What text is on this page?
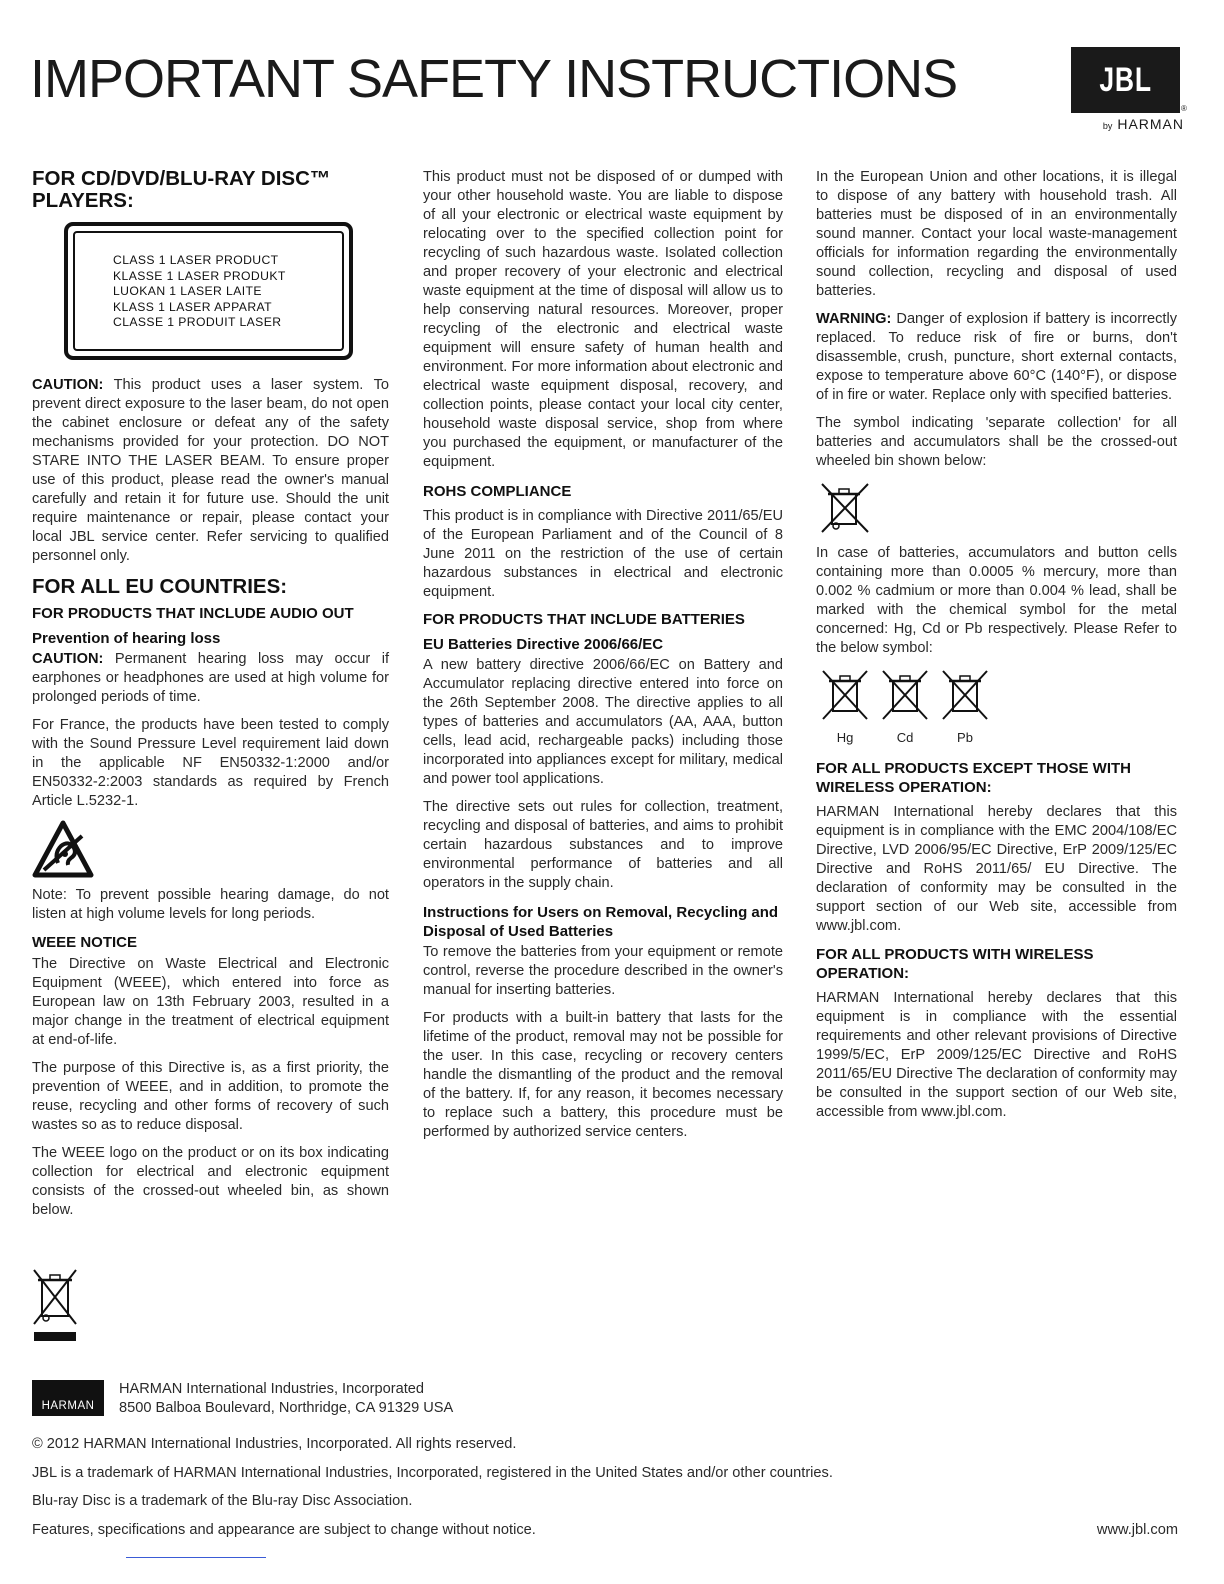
IMPORTANT SAFETY INSTRUCTIONS	JBL
®
by HARMAN
FOR CD/DVD/BLU-RAY DISC™ PLAYERS:
CLASS 1 LASER PRODUCT
KLASSE 1 LASER PRODUKT
LUOKAN 1 LASER LAITE
KLASS 1 LASER APPARAT
CLASSE 1 PRODUIT LASER

CAUTION: This product uses a laser system. To prevent direct exposure to the laser beam, do not open the cabinet enclosure or defeat any of the safety mechanisms provided for your protection. DO NOT STARE INTO THE LASER BEAM. To ensure proper use of this product, please read the owner's manual carefully and retain it for future use. Should the unit require maintenance or repair, please contact your local JBL service center. Refer servicing to qualified personnel only.

FOR ALL EU COUNTRIES:
FOR PRODUCTS THAT INCLUDE AUDIO OUT
Prevention of hearing loss

CAUTION: Permanent hearing loss may occur if earphones or headphones are used at high volume for prolonged periods of time.

For France, the products have been tested to comply with the Sound Pressure Level requirement laid down in the applicable NF EN50332-1:2000 and/or EN50332-2:2003 standards as required by French Article L.5232-1.

Note: To prevent possible hearing damage, do not listen at high volume levels for long periods.

WEEE NOTICE

The Directive on Waste Electrical and Electronic Equipment (WEEE), which entered into force as European law on 13th February 2003, resulted in a major change in the treatment of electrical equipment at end-of-life.

The purpose of this Directive is, as a first priority, the prevention of WEEE, and in addition, to promote the reuse, recycling and other forms of recovery of such wastes so as to reduce disposal.

The WEEE logo on the product or on its box indicating collection for electrical and electronic equipment consists of the crossed-out wheeled bin, as shown below.

This product must not be disposed of or dumped with your other household waste. You are liable to dispose of all your electronic or electrical waste equipment by relocating over to the specified collection point for recycling of such hazardous waste. Isolated collection and proper recovery of your electronic and electrical waste equipment at the time of disposal will allow us to help conserving natural resources. Moreover, proper recycling of the electronic and electrical waste equipment will ensure safety of human health and environment. For more information about electronic and electrical waste equipment disposal, recovery, and collection points, please contact your local city center, household waste disposal service, shop from where you purchased the equipment, or manufacturer of the equipment.

ROHS COMPLIANCE

This product is in compliance with Directive 2011/65/EU of the European Parliament and of the Council of 8 June 2011 on the restriction of the use of certain hazardous substances in electrical and electronic equipment.

FOR PRODUCTS THAT INCLUDE BATTERIES
EU Batteries Directive 2006/66/EC

A new battery directive 2006/66/EC on Battery and Accumulator replacing directive entered into force on the 26th September 2008. The directive applies to all types of batteries and accumulators (AA, AAA, button cells, lead acid, rechargeable packs) including those incorporated into appliances except for military, medical and power tool applications.

The directive sets out rules for collection, treatment, recycling and disposal of batteries, and aims to prohibit certain hazardous substances and to improve environmental performance of batteries and all operators in the supply chain.

Instructions for Users on Removal, Recycling and Disposal of Used Batteries

To remove the batteries from your equipment or remote control, reverse the procedure described in the owner's manual for inserting batteries.

For products with a built-in battery that lasts for the lifetime of the product, removal may not be possible for the user. In this case, recycling or recovery centers handle the dismantling of the product and the removal of the battery. If, for any reason, it becomes necessary to replace such a battery, this procedure must be performed by authorized service centers.

In the European Union and other locations, it is illegal to dispose of any battery with household trash. All batteries must be disposed of in an environmentally sound manner. Contact your local waste-management officials for information regarding the environmentally sound collection, recycling and disposal of used batteries.

WARNING: Danger of explosion if battery is incorrectly replaced. To reduce risk of fire or burns, don't disassemble, crush, puncture, short external contacts, expose to temperature above 60°C (140°F), or dispose of in fire or water. Replace only with specified batteries.

The symbol indicating 'separate collection' for all batteries and accumulators shall be the crossed-out wheeled bin shown below:

In case of batteries, accumulators and button cells containing more than 0.0005 % mercury, more than 0.002 % cadmium or more than 0.004 % lead, shall be marked with the chemical symbol for the metal concerned: Hg, Cd or Pb respectively. Please Refer to the below symbol:

Hg	Cd	Pb
FOR ALL PRODUCTS EXCEPT THOSE WITH WIRELESS OPERATION:

HARMAN International hereby declares that this equipment is in compliance with the EMC 2004/108/EC Directive, LVD 2006/95/EC Directive, ErP 2009/125/EC Directive and RoHS 2011/65/ EU Directive. The declaration of conformity may be consulted in the support section of our Web site, accessible from www.jbl.com.

FOR ALL PRODUCTS WITH WIRELESS OPERATION:

HARMAN International hereby declares that this equipment is in compliance with the essential requirements and other relevant provisions of Directive 1999/5/EC, ErP 2009/125/EC Directive and RoHS 2011/65/EU Directive The declaration of conformity may be consulted in the support section of our Web site, accessible from www.jbl.com.

HARMAN
HARMAN International Industries, Incorporated
8500 Balboa Boulevard, Northridge, CA 91329 USA
© 2012 HARMAN International Industries, Incorporated. All rights reserved.
JBL is a trademark of HARMAN International Industries, Incorporated, registered in the United States and/or other countries.
Blu-ray Disc is a trademark of the Blu-ray Disc Association.
Features, specifications and appearance are subject to change without notice.	www.jbl.com
